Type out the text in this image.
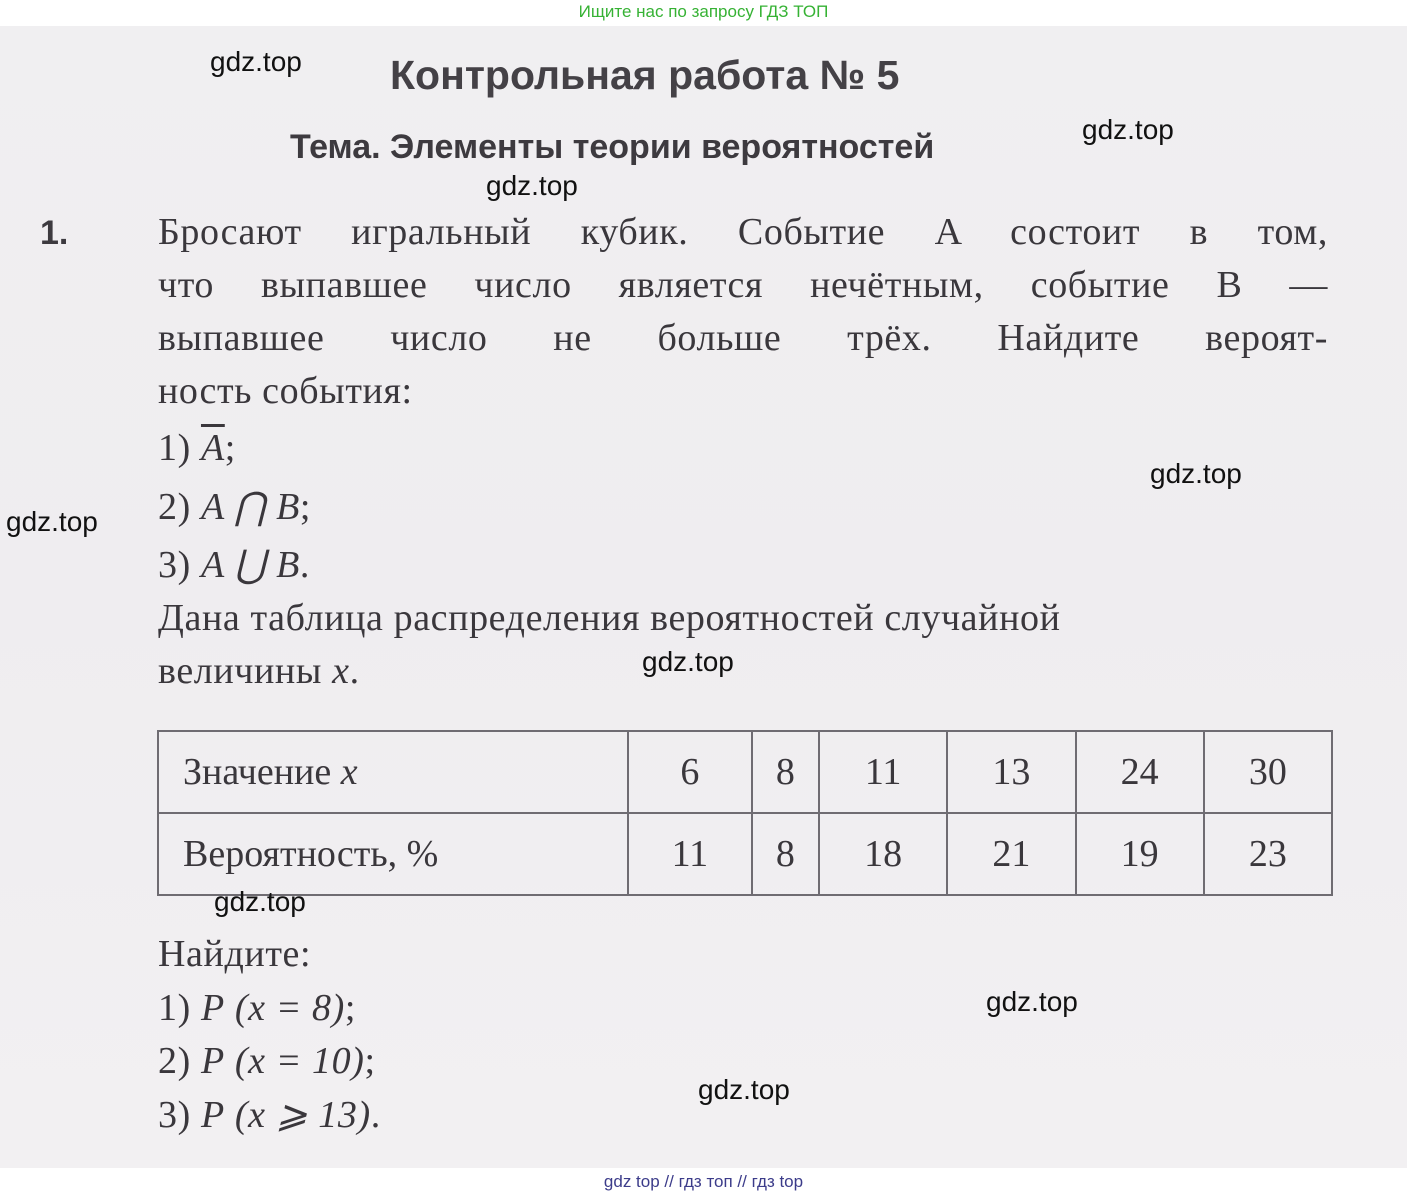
Ищите нас по запросу ГДЗ ТОП
Контрольная работа № 5
Тема. Элементы теории вероятностей
1. Бросают игральный кубик. Событие A состоит в том,
что выпавшее число является нечётным, событие B —
выпавшее число не больше трёх. Найдите вероят-
ность события:
1) $\overline{A}$;
2) A ⋂ B;
3) A ⋃ B.
Дана таблица распределения вероятностей случайной
величины x.
Значение x	6	8	11	13	24	30
Вероятность, %	11	8	18	21	19	23
Найдите:
1) P (x = 8);
2) P (x = 10);
3) P (x ⩾ 13).
gdz.top
gdz.top
gdz.top
gdz.top
gdz.top
gdz.top
gdz.top
gdz.top
gdz.top
gdz top // гдз топ // гдз top
